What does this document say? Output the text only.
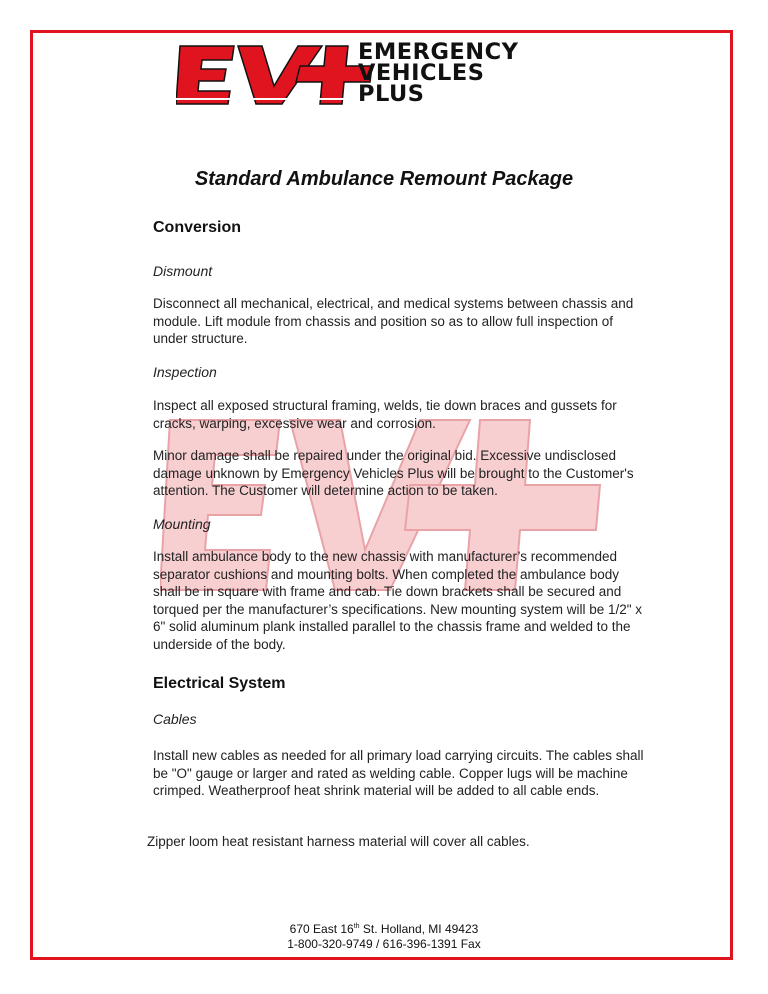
EMERGENCY
VEHICLES
PLUS
Standard Ambulance Remount Package
Conversion
Dismount
Disconnect all mechanical, electrical, and medical systems between chassis and module. Lift module from chassis and position so as to allow full inspection of under structure.
Inspection
Inspect all exposed structural framing, welds, tie down braces and gussets for cracks, warping, excessive wear and corrosion.
Minor damage shall be repaired under the original bid. Excessive undisclosed damage unknown by Emergency Vehicles Plus will be brought to the Customer's attention. The Customer will determine action to be taken.
Mounting
Install ambulance body to the new chassis with manufacturer’s recommended separator cushions and mounting bolts. When completed the ambulance body shall be in square with frame and cab. Tie down brackets shall be secured and torqued per the manufacturer’s specifications. New mounting system will be 1/2" x 6" solid aluminum plank installed parallel to the chassis frame and welded to the underside of the body.
Electrical System
Cables
Install new cables as needed for all primary load carrying circuits. The cables shall be "O" gauge or larger and rated as welding cable. Copper lugs will be machine crimped. Weatherproof heat shrink material will be added to all cable ends.
Zipper loom heat resistant harness material will cover all cables.
670 East 16th St. Holland, MI 49423
1-800-320-9749 / 616-396-1391 Fax
